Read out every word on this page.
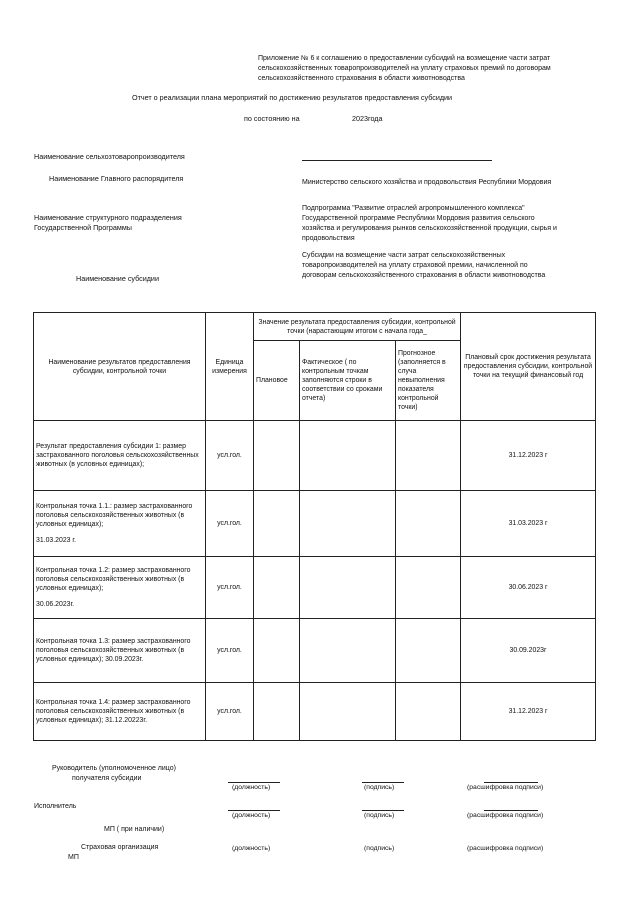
Приложение № 6 к соглашению о предоставлении субсидий на возмещение части затрат сельскохозяйственных товаропроизводителей на уплату страховых премий по договорам сельскохозяйственного страхования в области животноводства
Отчет о реализации плана мероприятий по достижению результатов предоставления субсидии
по состоянию на	2023года
Наименование сельхозтоваропроизводителя
Наименование Главного распорядителя	Министерство сельского хозяйства и продовольствия Республики Мордовия
Наименование структурного подразделения Государственной Программы
Подпрограмма "Развитие отраслей агропромышленного комплекса" Государственной программе Республики Мордовия развития сельского хозяйства и регулирования рынков сельскохозяйственной продукции, сырья и продовольствия
Наименование субсидии
Субсидии на возмещение части затрат сельскохозяйственных товаропроизводителей на уплату страховой премии, начисленной по договорам сельскохозяйственного страхования в области животноводства
Наименование результатов предоставления субсидии, контрольной точки	Единица измерения	Значение результата предоставления субсидии, контрольной точки (нарастающим итогом с начала года_			Плановый срок достижения результата предоставления субсидии, контрольной точки на текущий финансовый год
		Плановое	Фактическое ( по контрольным точкам заполняются строки в соответствии со сроками отчета)	Прогнозное (заполняется в случа невыполнения показателя контрольной точки)	

Результат предоставления субсидии 1: размер застрахованного поголовья сельскохозяйственных животных (в условных единицах);	усл.гол.				31.12.2023 г

Контрольная точка 1.1.: размер застрахованного поголовья сельскохозяйственных животных (в условных единицах);
31.03.2023 г.	усл.гол.				31.03.2023 г

Контрольная точка 1.2: размер застрахованного поголовья сельскохозяйственных животных (в условных единицах);
30.06.2023г.	усл.гол.				30.06.2023 г

Контрольная точка 1.3: размер застрахованного поголовья сельскохозяйственных животных (в условных единицах); 30.09.2023г.	усл.гол.				30.09.2023г

Контрольная точка 1.4: размер застрахованного поголовья сельскохозяйственных животных (в условных единицах); 31.12.20223г.	усл.гол.				31.12.2023 г
Руководитель (уполномоченное лицо)
получателя субсидии
(должность)	(подпись)	(расшифровка подписи)
Исполнитель
(должность)	(подпись)	(расшифровка подписи)
МП ( при наличии)
Страховая организация
МП
(должность)	(подпись)	(расшифровка подписи)
